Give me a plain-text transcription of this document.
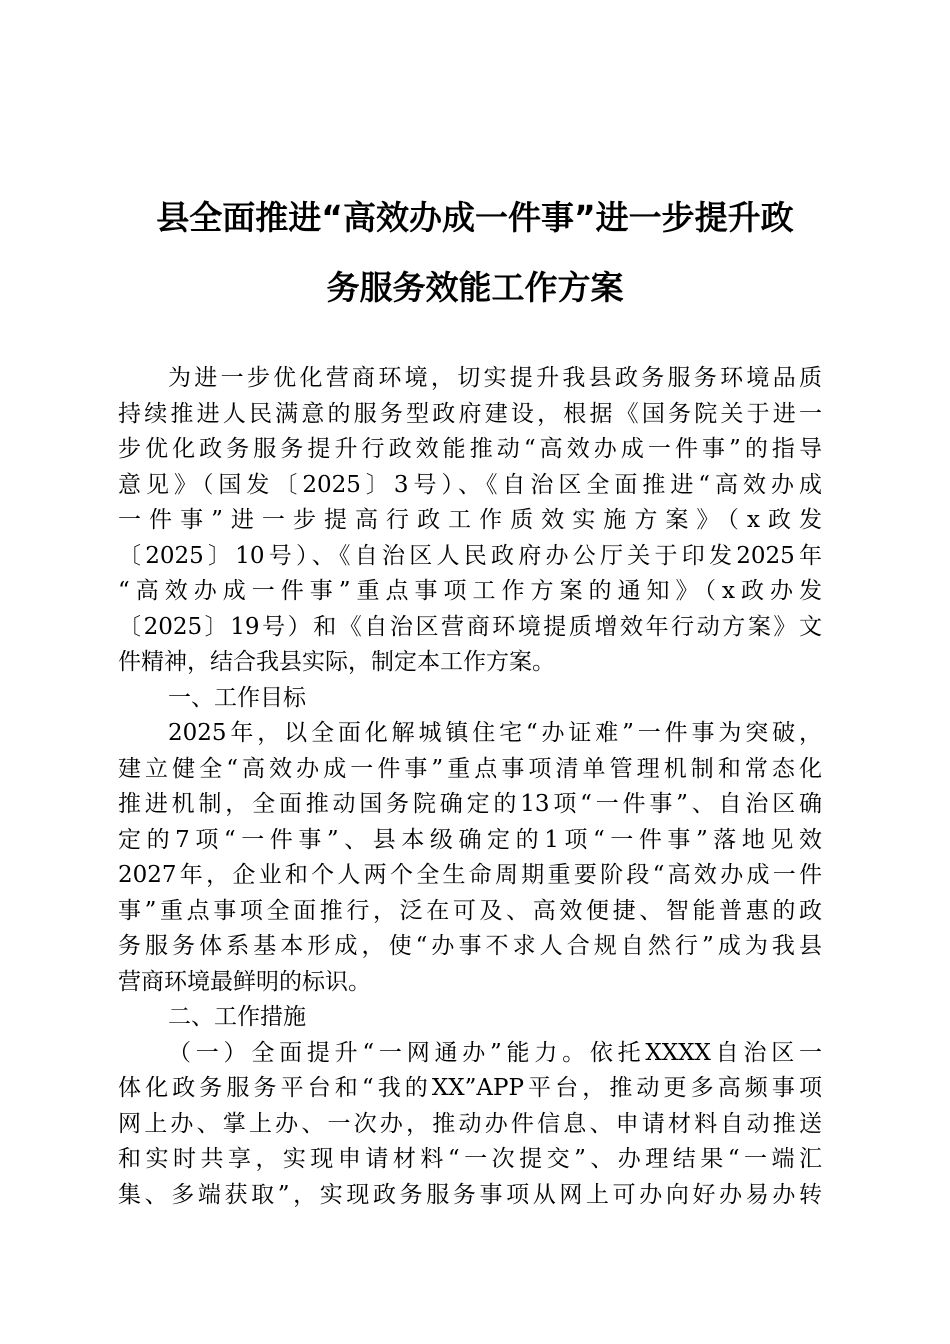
县全面推进“高效办成一件事”进一步提升政
务服务效能工作方案
为进一步优化营商环境，切实提升我县政务服务环境品质
持续推进人民满意的服务型政府建设，根据《国务院关于进一
步优化政务服务提升行政效能推动“高效办成一件事”的指导
意见》（国发〔2025〕3号）、《自治区全面推进“高效办成
一件事”进一步提高行政工作质效实施方案》（x政发
〔2025〕10号）、《自治区人民政府办公厅关于印发2025年
“高效办成一件事”重点事项工作方案的通知》（x政办发
〔2025〕19号）和《自治区营商环境提质增效年行动方案》文
件精神，结合我县实际，制定本工作方案。
一、工作目标
2025年，以全面化解城镇住宅“办证难”一件事为突破，
建立健全“高效办成一件事”重点事项清单管理机制和常态化
推进机制，全面推动国务院确定的13项“一件事”、自治区确
定的7项“一件事”、县本级确定的1项“一件事”落地见效
2027年，企业和个人两个全生命周期重要阶段“高效办成一件
事”重点事项全面推行，泛在可及、高效便捷、智能普惠的政
务服务体系基本形成，使“办事不求人合规自然行”成为我县
营商环境最鲜明的标识。
二、工作措施
（一）全面提升“一网通办”能力。依托XXXX自治区一
体化政务服务平台和“我的XX”APP平台，推动更多高频事项
网上办、掌上办、一次办，推动办件信息、申请材料自动推送
和实时共享，实现申请材料“一次提交”、办理结果“一端汇
集、多端获取”，实现政务服务事项从网上可办向好办易办转
